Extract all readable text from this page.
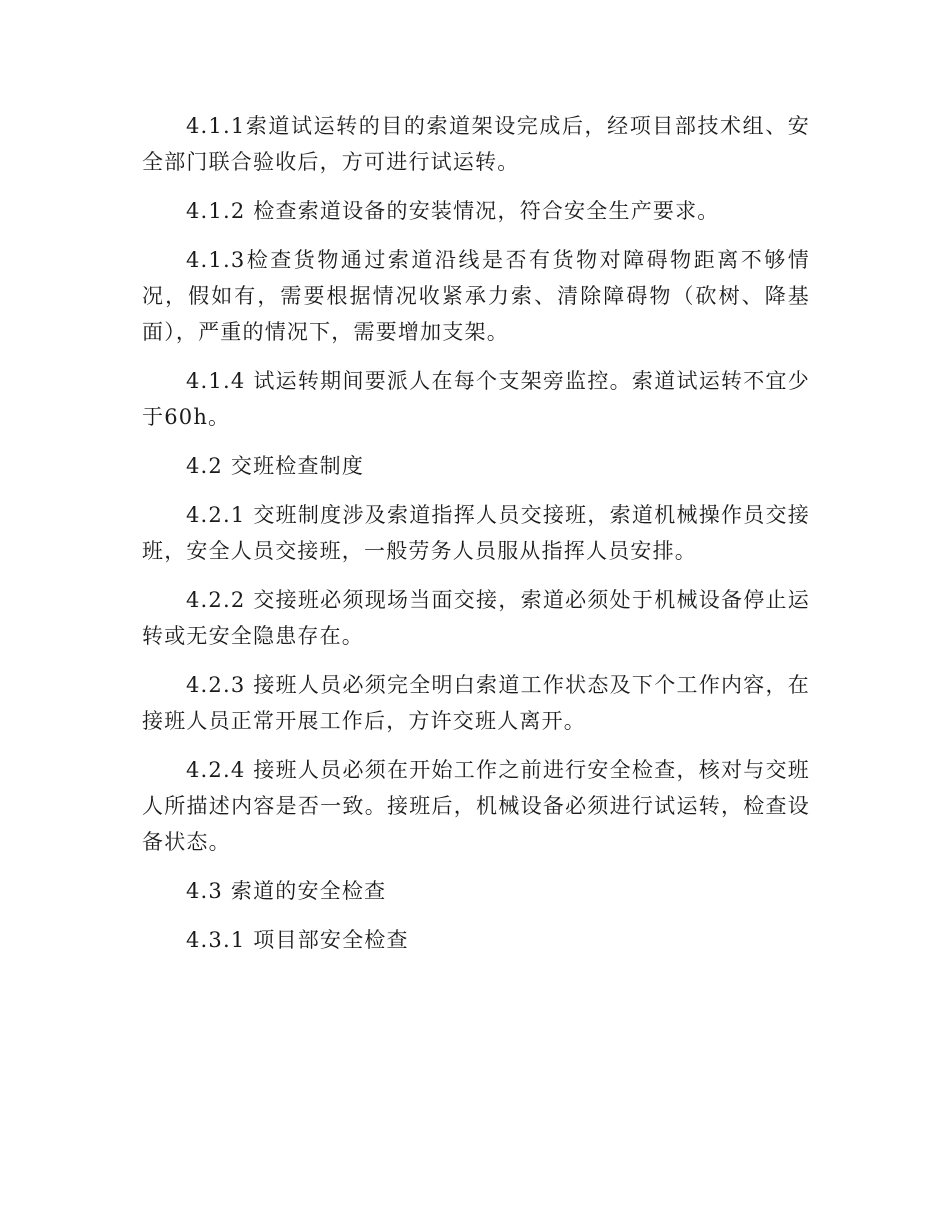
4.1.1索道试运转的目的索道架设完成后，经项目部技术组、安全部门联合验收后，方可进行试运转。

4.1.2 检查索道设备的安装情况，符合安全生产要求。

4.1.3检查货物通过索道沿线是否有货物对障碍物距离不够情况，假如有，需要根据情况收紧承力索、清除障碍物（砍树、降基面），严重的情况下，需要增加支架。

4.1.4 试运转期间要派人在每个支架旁监控。索道试运转不宜少于60h。

4.2 交班检查制度

4.2.1 交班制度涉及索道指挥人员交接班，索道机械操作员交接班，安全人员交接班，一般劳务人员服从指挥人员安排。

4.2.2 交接班必须现场当面交接，索道必须处于机械设备停止运转或无安全隐患存在。

4.2.3 接班人员必须完全明白索道工作状态及下个工作内容，在接班人员正常开展工作后，方许交班人离开。

4.2.4 接班人员必须在开始工作之前进行安全检查，核对与交班人所描述内容是否一致。接班后，机械设备必须进行试运转，检查设备状态。

4.3 索道的安全检查

4.3.1 项目部安全检查
